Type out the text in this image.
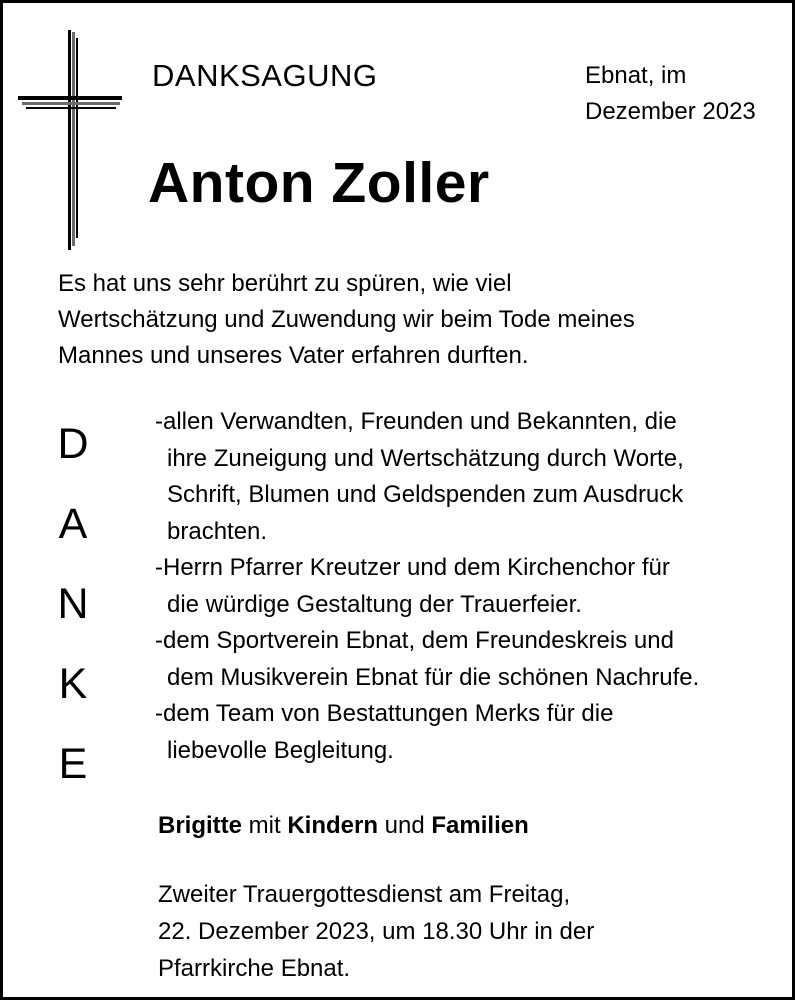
DANKSAGUNG	Ebnat, im
Dezember 2023
Anton Zoller
Es hat uns sehr berührt zu spüren, wie viel
Wertschätzung und Zuwendung wir beim Tode meines
Mannes und unseres Vater erfahren durften.
D
A
N
K
E
-allen Verwandten, Freunden und Bekannten, die
ihre Zuneigung und Wertschätzung durch Worte,
Schrift, Blumen und Geldspenden zum Ausdruck
brachten.
-Herrn Pfarrer Kreutzer und dem Kirchenchor für
die würdige Gestaltung der Trauerfeier.
-dem Sportverein Ebnat, dem Freundeskreis und
dem Musikverein Ebnat für die schönen Nachrufe.
-dem Team von Bestattungen Merks für die
liebevolle Begleitung.
Brigitte mit Kindern und Familien
Zweiter Trauergottesdienst am Freitag,
22. Dezember 2023, um 18.30 Uhr in der
Pfarrkirche Ebnat.
